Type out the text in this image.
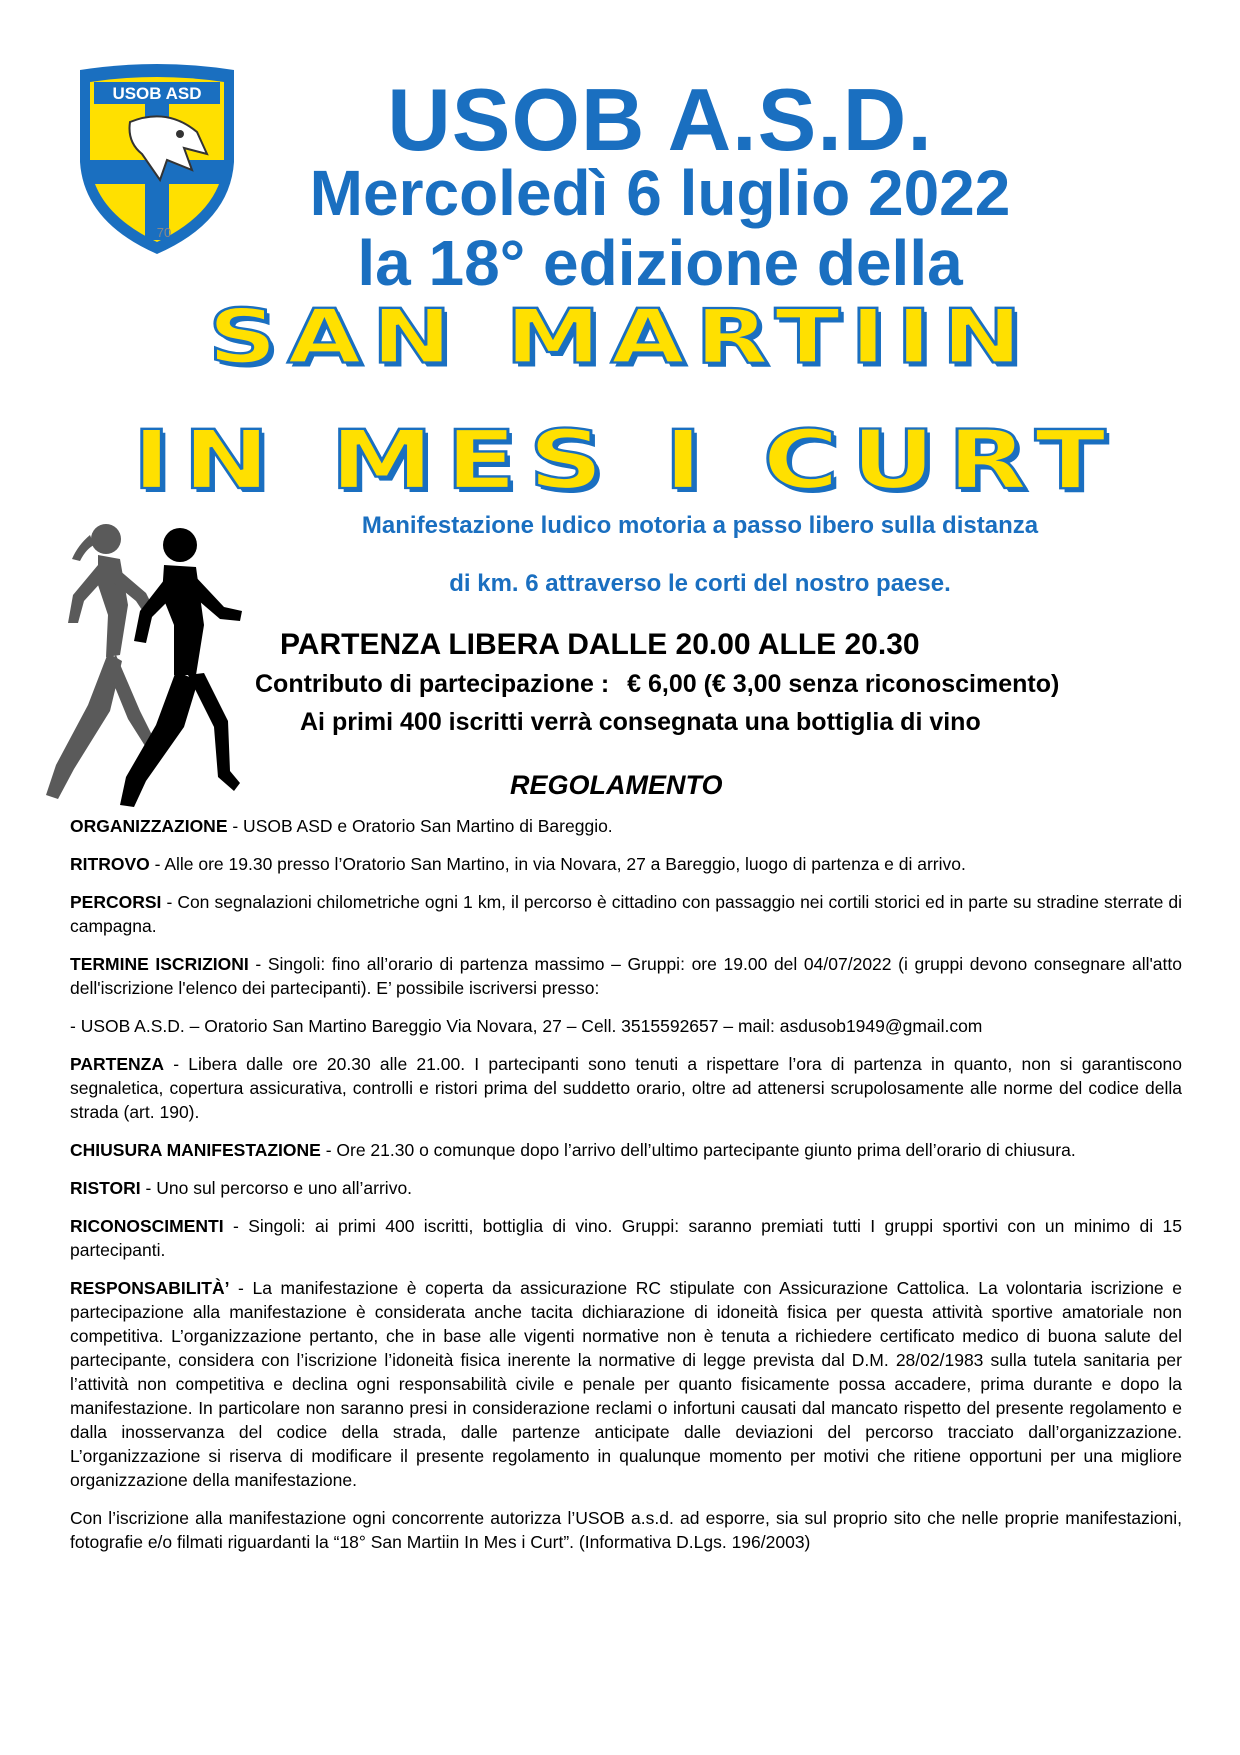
USOB ASD
70
USOB A.S.D.
Mercoledì 6 luglio 2022
la 18° edizione della
SAN MARTIIN
IN MES I CURT
Manifestazione ludico motoria a passo libero sulla distanza
di km. 6 attraverso le corti del nostro paese.
PARTENZA LIBERA DALLE 20.00 ALLE 20.30
Contributo di partecipazione : € 6,00 (€ 3,00 senza riconoscimento)
Ai primi 400 iscritti verrà consegnata una bottiglia di vino
REGOLAMENTO

ORGANIZZAZIONE - USOB ASD e Oratorio San Martino di Bareggio.

RITROVO - Alle ore 19.30 presso l’Oratorio San Martino, in via Novara, 27 a Bareggio, luogo di partenza e di arrivo.

PERCORSI - Con segnalazioni chilometriche ogni 1 km, il percorso è cittadino con passaggio nei cortili storici ed in parte su stradine sterrate di campagna.

TERMINE ISCRIZIONI - Singoli: fino all’orario di partenza massimo – Gruppi: ore 19.00 del 04/07/2022 (i gruppi devono consegnare all'atto dell'iscrizione l'elenco dei partecipanti). E’ possibile iscriversi presso:

- USOB A.S.D. – Oratorio San Martino Bareggio Via Novara, 27 – Cell. 3515592657 – mail: asdusob1949@gmail.com

PARTENZA - Libera dalle ore 20.30 alle 21.00. I partecipanti sono tenuti a rispettare l’ora di partenza in quanto, non si garantiscono segnaletica, copertura assicurativa, controlli e ristori prima del suddetto orario, oltre ad attenersi scrupolosamente alle norme del codice della strada (art. 190).

CHIUSURA MANIFESTAZIONE - Ore 21.30 o comunque dopo l’arrivo dell’ultimo partecipante giunto prima dell’orario di chiusura.

RISTORI - Uno sul percorso e uno all’arrivo.

RICONOSCIMENTI - Singoli: ai primi 400 iscritti, bottiglia di vino. Gruppi: saranno premiati tutti I gruppi sportivi con un minimo di 15 partecipanti.

RESPONSABILITÀ’ - La manifestazione è coperta da assicurazione RC stipulate con Assicurazione Cattolica. La volontaria iscrizione e partecipazione alla manifestazione è considerata anche tacita dichiarazione di idoneità fisica per questa attività sportive amatoriale non competitiva. L’organizzazione pertanto, che in base alle vigenti normative non è tenuta a richiedere certificato medico di buona salute del partecipante, considera con l’iscrizione l’idoneità fisica inerente la normative di legge prevista dal D.M. 28/02/1983 sulla tutela sanitaria per l’attività non competitiva e declina ogni responsabilità civile e penale per quanto fisicamente possa accadere, prima durante e dopo la manifestazione. In particolare non saranno presi in considerazione reclami o infortuni causati dal mancato rispetto del presente regolamento e dalla inosservanza del codice della strada, dalle partenze anticipate dalle deviazioni del percorso tracciato dall’organizzazione. L’organizzazione si riserva di modificare il presente regolamento in qualunque momento per motivi che ritiene opportuni per una migliore organizzazione della manifestazione.

Con l’iscrizione alla manifestazione ogni concorrente autorizza l’USOB a.s.d. ad esporre, sia sul proprio sito che nelle proprie manifestazioni, fotografie e/o filmati riguardanti la “18° San Martiin In Mes i Curt”. (Informativa D.Lgs. 196/2003)
